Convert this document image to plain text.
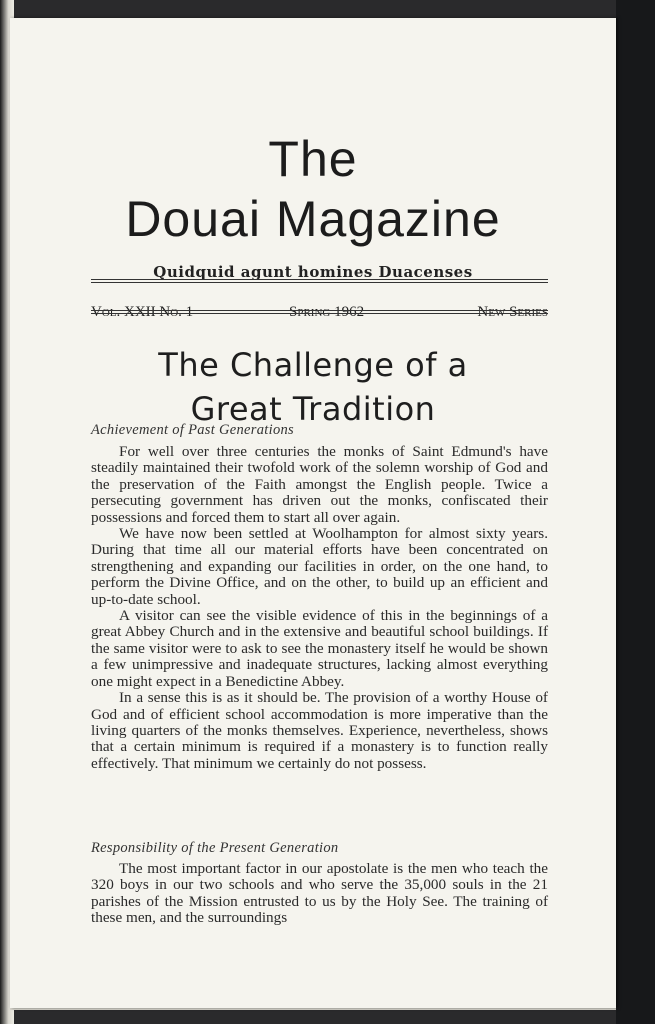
The
Douai Magazine
Quidquid agunt homines Duacenses
Vol. XXII No. 1	Spring 1962	New Series
The Challenge of a
Great Tradition
Achievement of Past Generations

For well over three centuries the monks of Saint Edmund's have steadily maintained their twofold work of the solemn worship of God and the preservation of the Faith amongst the English people. Twice a persecuting government has driven out the monks, confiscated their possessions and forced them to start all over again.

We have now been settled at Woolhampton for almost sixty years. During that time all our material efforts have been concentrated on strengthening and expanding our facilities in order, on the one hand, to perform the Divine Office, and on the other, to build up an efficient and up-to-date school.

A visitor can see the visible evidence of this in the beginnings of a great Abbey Church and in the extensive and beautiful school buildings. If the same visitor were to ask to see the monastery itself he would be shown a few unimpressive and inadequate structures, lacking almost everything one might expect in a Benedictine Abbey.

In a sense this is as it should be. The provision of a worthy House of God and of efficient school accommodation is more imperative than the living quarters of the monks themselves. Experience, nevertheless, shows that a certain minimum is required if a monastery is to function really effectively. That minimum we certainly do not possess.

Responsibility of the Present Generation

The most important factor in our apostolate is the men who teach the 320 boys in our two schools and who serve the 35,000 souls in the 21 parishes of the Mission entrusted to us by the Holy See. The training of these men, and the surroundings
